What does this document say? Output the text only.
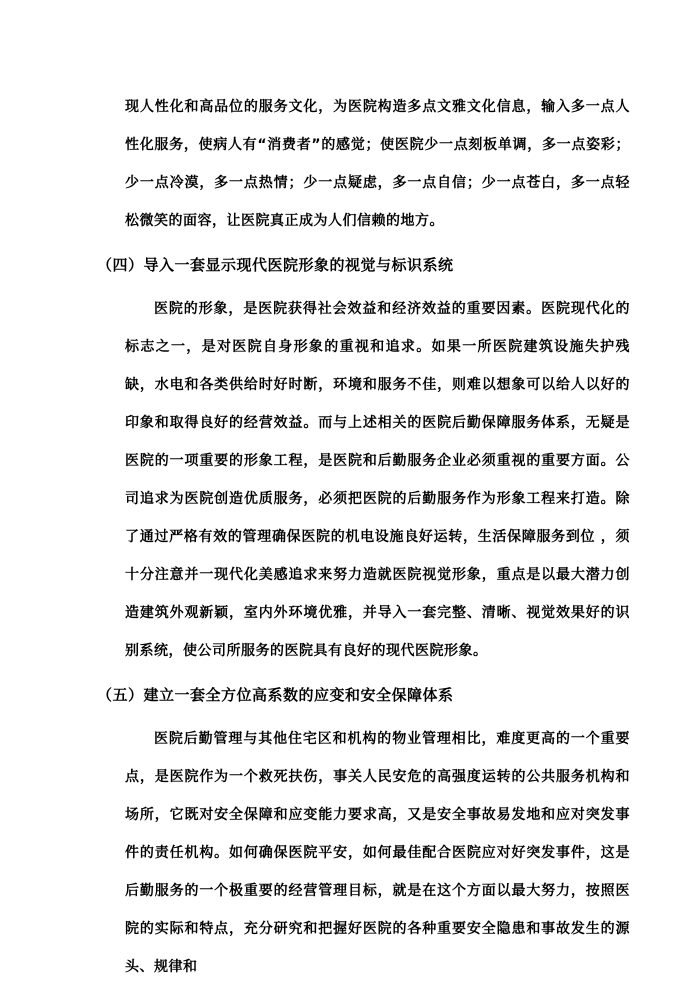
现人性化和高品位的服务文化，为医院构造多点文雅文化信息，输入多一点人性化服务，使病人有“消费者”的感觉；使医院少一点刻板单调，多一点姿彩；少一点冷漠，多一点热情；少一点疑虑，多一点自信；少一点苍白，多一点轻松微笑的面容，让医院真正成为人们信赖的地方。

（四）导入一套显示现代医院形象的视觉与标识系统

医院的形象，是医院获得社会效益和经济效益的重要因素。医院现代化的标志之一，是对医院自身形象的重视和追求。如果一所医院建筑设施失护残缺，水电和各类供给时好时断，环境和服务不佳，则难以想象可以给人以好的印象和取得良好的经营效益。而与上述相关的医院后勤保障服务体系，无疑是医院的一项重要的形象工程，是医院和后勤服务企业必须重视的重要方面。公司追求为医院创造优质服务，必须把医院的后勤服务作为形象工程来打造。除了通过严格有效的管理确保医院的机电设施良好运转，生活保障服务到位 ，须十分注意并一现代化美感追求来努力造就医院视觉形象，重点是以最大潜力创造建筑外观新颖，室内外环境优雅，并导入一套完整、清晰、视觉效果好的识别系统，使公司所服务的医院具有良好的现代医院形象。

（五）建立一套全方位高系数的应变和安全保障体系

医院后勤管理与其他住宅区和机构的物业管理相比，难度更高的一个重要点，是医院作为一个救死扶伤，事关人民安危的高强度运转的公共服务机构和场所，它既对安全保障和应变能力要求高，又是安全事故易发地和应对突发事件的责任机构。如何确保医院平安，如何最佳配合医院应对好突发事件，这是后勤服务的一个极重要的经营管理目标，就是在这个方面以最大努力，按照医院的实际和特点，充分研究和把握好医院的各种重要安全隐患和事故发生的源头、规律和
